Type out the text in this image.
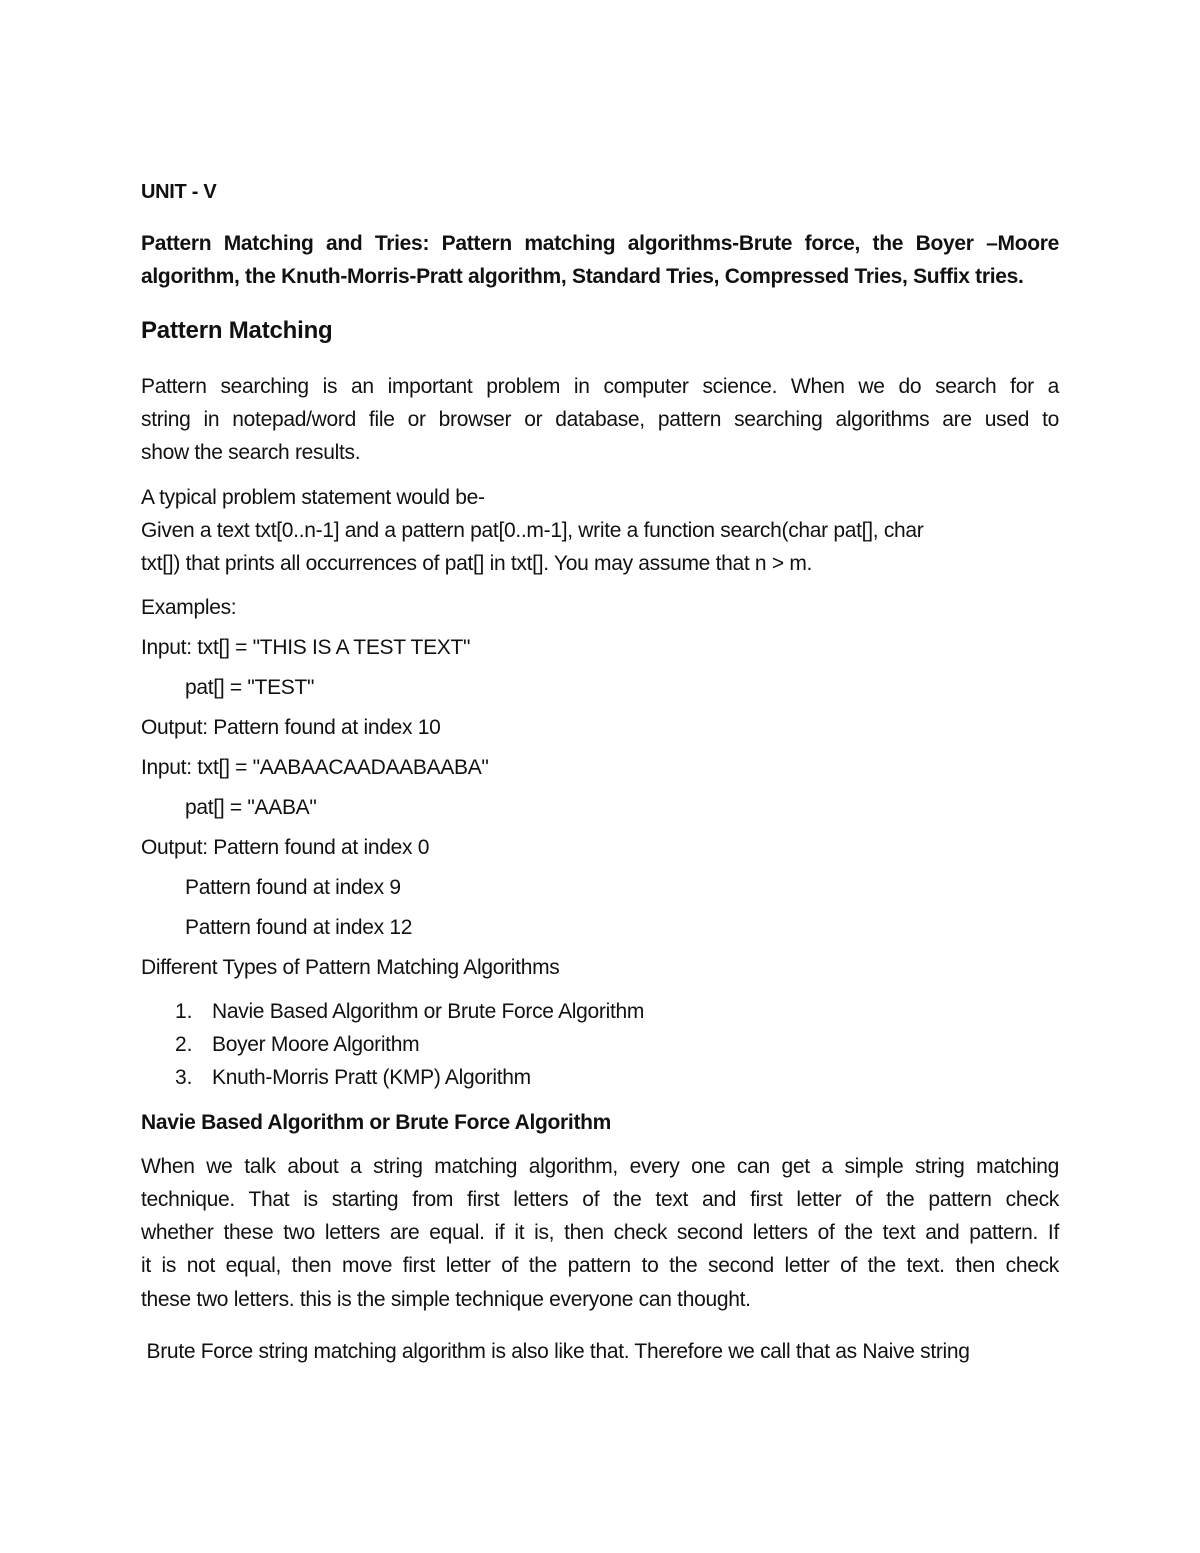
UNIT - V

Pattern Matching and Tries: Pattern matching algorithms-Brute force, the Boyer –Moore

algorithm, the Knuth-Morris-Pratt algorithm, Standard Tries, Compressed Tries, Suffix tries.

Pattern Matching

Pattern searching is an important problem in computer science. When we do search for a

string in notepad/word file or browser or database, pattern searching algorithms are used to

show the search results.

A typical problem statement would be-

Given a text txt[0..n-1] and a pattern pat[0..m-1], write a function search(char pat[], char

txt[]) that prints all occurrences of pat[] in txt[]. You may assume that n > m.

Examples:

Input: txt[] = "THIS IS A TEST TEXT"

pat[] = "TEST"

Output: Pattern found at index 10

Input: txt[] = "AABAACAADAABAABA"

pat[] = "AABA"

Output: Pattern found at index 0

Pattern found at index 9

Pattern found at index 12

Different Types of Pattern Matching Algorithms

1. Navie Based Algorithm or Brute Force Algorithm
2. Boyer Moore Algorithm
3. Knuth-Morris Pratt (KMP) Algorithm

Navie Based Algorithm or Brute Force Algorithm

When we talk about a string matching algorithm, every one can get a simple string matching

technique. That is starting from first letters of the text and first letter of the pattern check

whether these two letters are equal. if it is, then check second letters of the text and pattern. If

it is not equal, then move first letter of the pattern to the second letter of the text. then check

these two letters. this is the simple technique everyone can thought.

Brute Force string matching algorithm is also like that. Therefore we call that as Naive string
